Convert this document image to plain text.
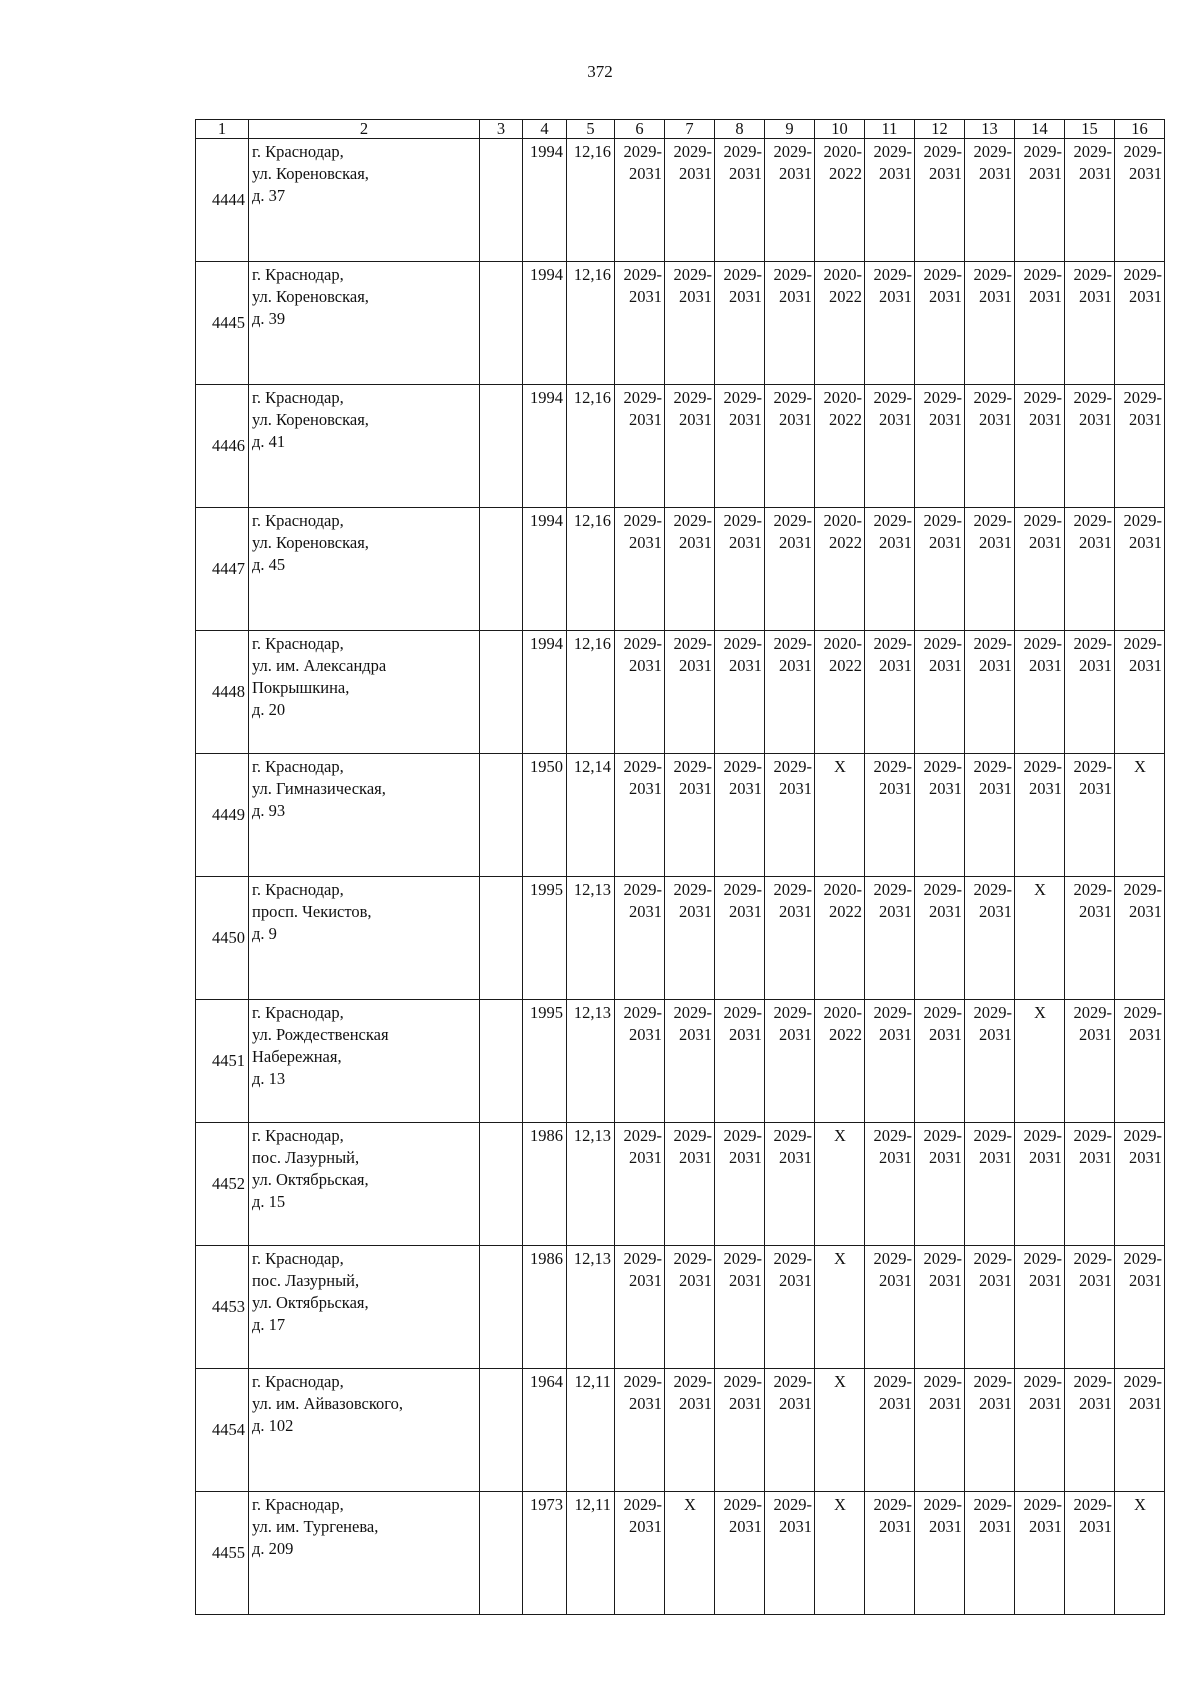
372
1	2	3	4	5	6	7	8	9	10	11	12	13	14	15	16
4444	г. Краснодар,
ул. Кореновская,
д. 37		1994	12,16	2029-
2031	2029-
2031	2029-
2031	2029-
2031	2020-
2022	2029-
2031	2029-
2031	2029-
2031	2029-
2031	2029-
2031	2029-
2031

4445	г. Краснодар,
ул. Кореновская,
д. 39		1994	12,16	2029-
2031	2029-
2031	2029-
2031	2029-
2031	2020-
2022	2029-
2031	2029-
2031	2029-
2031	2029-
2031	2029-
2031	2029-
2031

4446	г. Краснодар,
ул. Кореновская,
д. 41		1994	12,16	2029-
2031	2029-
2031	2029-
2031	2029-
2031	2020-
2022	2029-
2031	2029-
2031	2029-
2031	2029-
2031	2029-
2031	2029-
2031

4447	г. Краснодар,
ул. Кореновская,
д. 45		1994	12,16	2029-
2031	2029-
2031	2029-
2031	2029-
2031	2020-
2022	2029-
2031	2029-
2031	2029-
2031	2029-
2031	2029-
2031	2029-
2031

4448	г. Краснодар,
ул. им. Александра
Покрышкина,
д. 20		1994	12,16	2029-
2031	2029-
2031	2029-
2031	2029-
2031	2020-
2022	2029-
2031	2029-
2031	2029-
2031	2029-
2031	2029-
2031	2029-
2031

4449	г. Краснодар,
ул. Гимназическая,
д. 93		1950	12,14	2029-
2031	2029-
2031	2029-
2031	2029-
2031	X	2029-
2031	2029-
2031	2029-
2031	2029-
2031	2029-
2031	X

4450	г. Краснодар,
просп. Чекистов,
д. 9		1995	12,13	2029-
2031	2029-
2031	2029-
2031	2029-
2031	2020-
2022	2029-
2031	2029-
2031	2029-
2031	X	2029-
2031	2029-
2031

4451	г. Краснодар,
ул. Рождественская
Набережная,
д. 13		1995	12,13	2029-
2031	2029-
2031	2029-
2031	2029-
2031	2020-
2022	2029-
2031	2029-
2031	2029-
2031	X	2029-
2031	2029-
2031

4452	г. Краснодар,
пос. Лазурный,
ул. Октябрьская,
д. 15		1986	12,13	2029-
2031	2029-
2031	2029-
2031	2029-
2031	X	2029-
2031	2029-
2031	2029-
2031	2029-
2031	2029-
2031	2029-
2031

4453	г. Краснодар,
пос. Лазурный,
ул. Октябрьская,
д. 17		1986	12,13	2029-
2031	2029-
2031	2029-
2031	2029-
2031	X	2029-
2031	2029-
2031	2029-
2031	2029-
2031	2029-
2031	2029-
2031

4454	г. Краснодар,
ул. им. Айвазовского,
д. 102		1964	12,11	2029-
2031	2029-
2031	2029-
2031	2029-
2031	X	2029-
2031	2029-
2031	2029-
2031	2029-
2031	2029-
2031	2029-
2031

4455	г. Краснодар,
ул. им. Тургенева,
д. 209		1973	12,11	2029-
2031	X	2029-
2031	2029-
2031	X	2029-
2031	2029-
2031	2029-
2031	2029-
2031	2029-
2031	X
